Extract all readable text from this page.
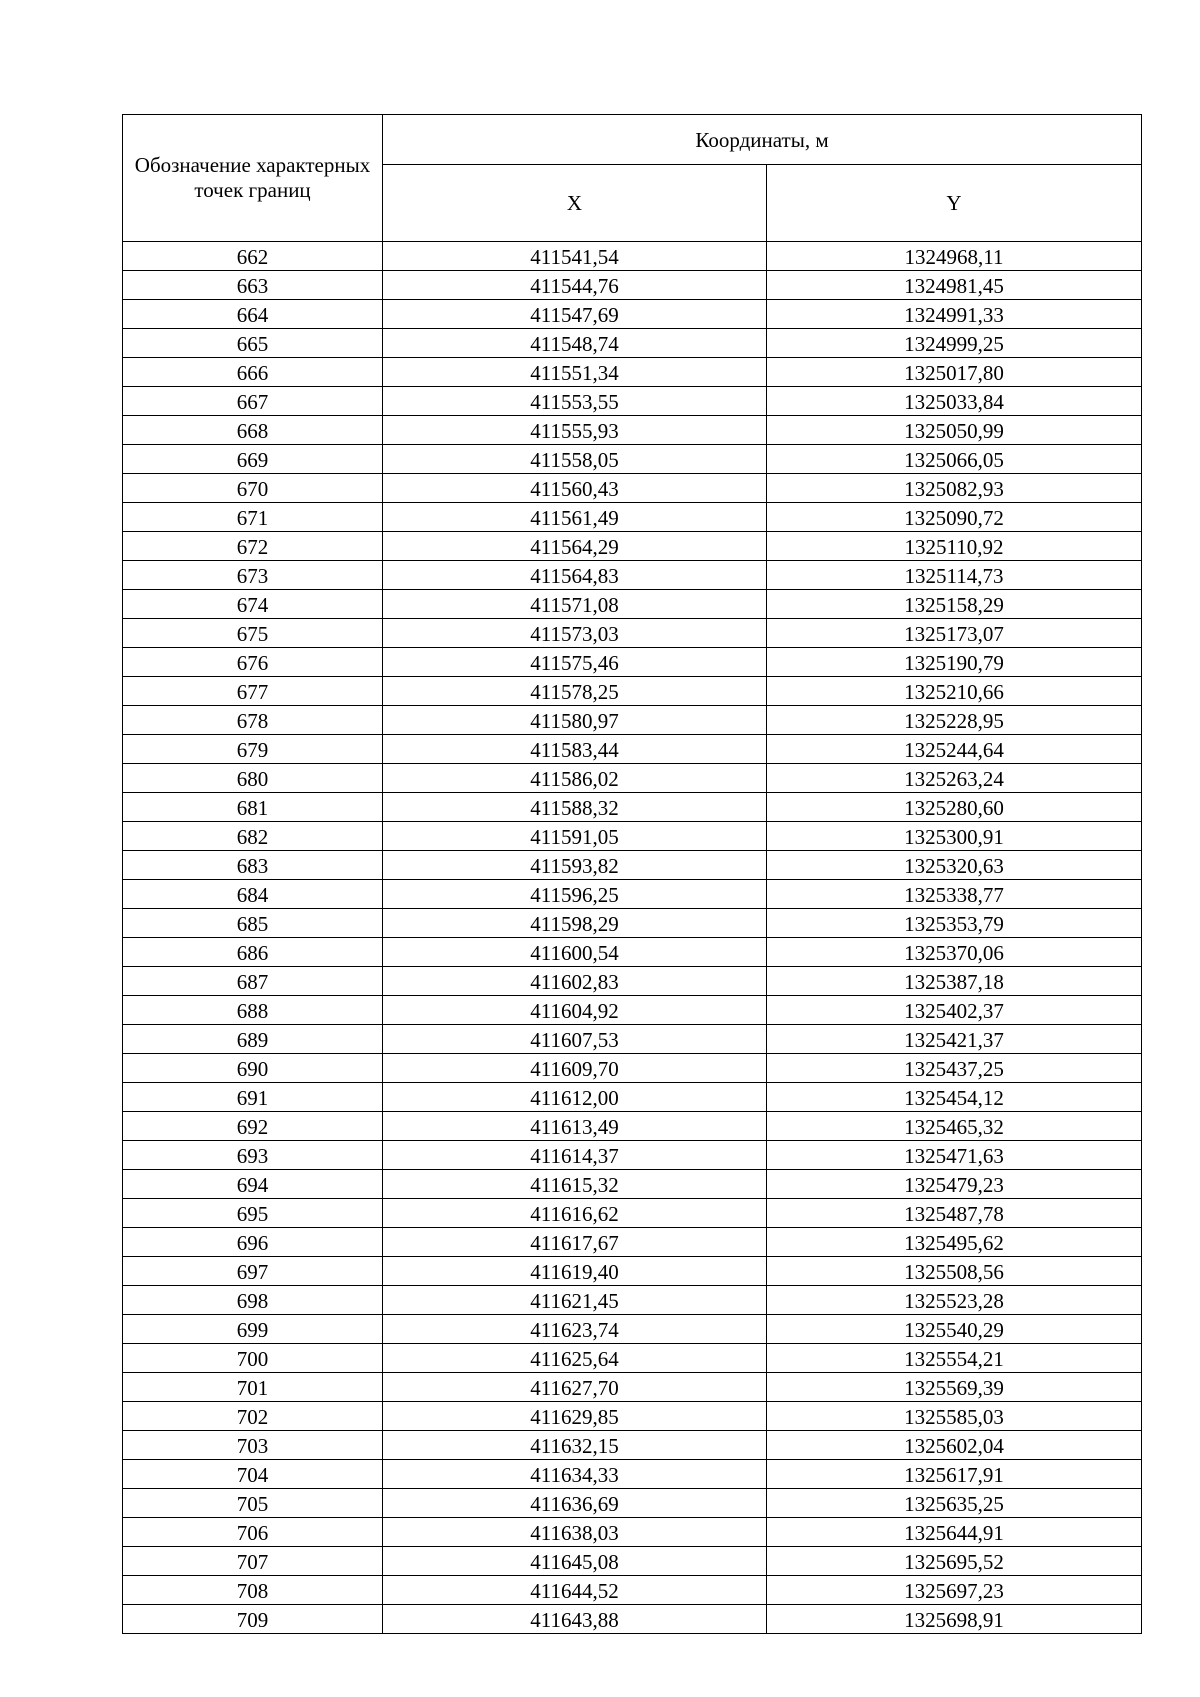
Обозначение характерных точек границ	Координаты, м	
	X	Y
662	411541,54	1324968,11
663	411544,76	1324981,45
664	411547,69	1324991,33
665	411548,74	1324999,25
666	411551,34	1325017,80
667	411553,55	1325033,84
668	411555,93	1325050,99
669	411558,05	1325066,05
670	411560,43	1325082,93
671	411561,49	1325090,72
672	411564,29	1325110,92
673	411564,83	1325114,73
674	411571,08	1325158,29
675	411573,03	1325173,07
676	411575,46	1325190,79
677	411578,25	1325210,66
678	411580,97	1325228,95
679	411583,44	1325244,64
680	411586,02	1325263,24
681	411588,32	1325280,60
682	411591,05	1325300,91
683	411593,82	1325320,63
684	411596,25	1325338,77
685	411598,29	1325353,79
686	411600,54	1325370,06
687	411602,83	1325387,18
688	411604,92	1325402,37
689	411607,53	1325421,37
690	411609,70	1325437,25
691	411612,00	1325454,12
692	411613,49	1325465,32
693	411614,37	1325471,63
694	411615,32	1325479,23
695	411616,62	1325487,78
696	411617,67	1325495,62
697	411619,40	1325508,56
698	411621,45	1325523,28
699	411623,74	1325540,29
700	411625,64	1325554,21
701	411627,70	1325569,39
702	411629,85	1325585,03
703	411632,15	1325602,04
704	411634,33	1325617,91
705	411636,69	1325635,25
706	411638,03	1325644,91
707	411645,08	1325695,52
708	411644,52	1325697,23
709	411643,88	1325698,91
